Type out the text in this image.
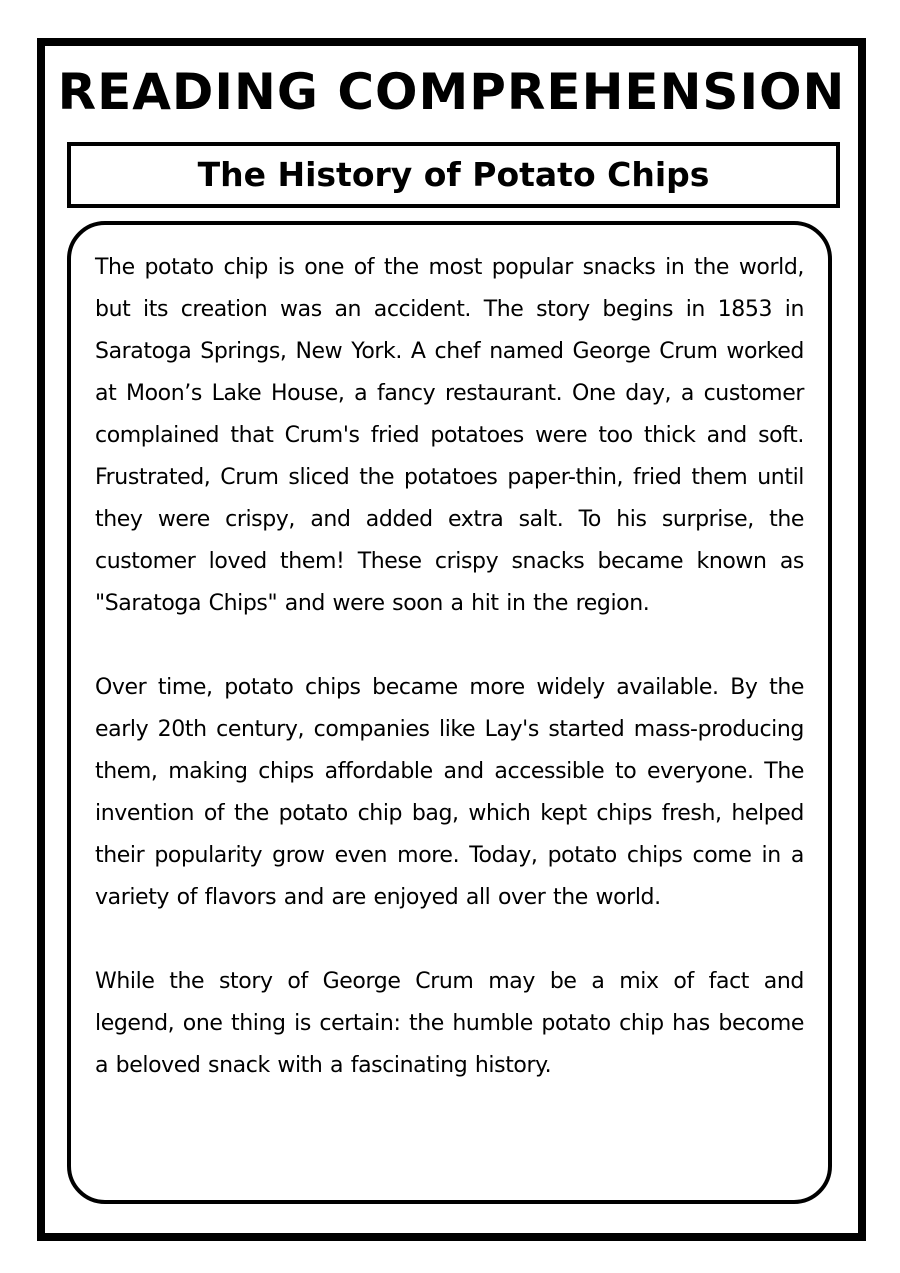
READING COMPREHENSION
The History of Potato Chips

The potato chip is one of the most popular snacks in the world, but its creation was an accident. The story begins in 1853 in Saratoga Springs, New York. A chef named George Crum worked at Moon’s Lake House, a fancy restaurant. One day, a customer complained that Crum's fried potatoes were too thick and soft. Frustrated, Crum sliced the potatoes paper-thin, fried them until they were crispy, and added extra salt. To his surprise, the customer loved them! These crispy snacks became known as "Saratoga Chips" and were soon a hit in the region.

Over time, potato chips became more widely available. By the early 20th century, companies like Lay's started mass-producing them, making chips affordable and accessible to everyone. The invention of the potato chip bag, which kept chips fresh, helped their popularity grow even more. Today, potato chips come in a variety of flavors and are enjoyed all over the world.

While the story of George Crum may be a mix of fact and legend, one thing is certain: the humble potato chip has become a beloved snack with a fascinating history.
